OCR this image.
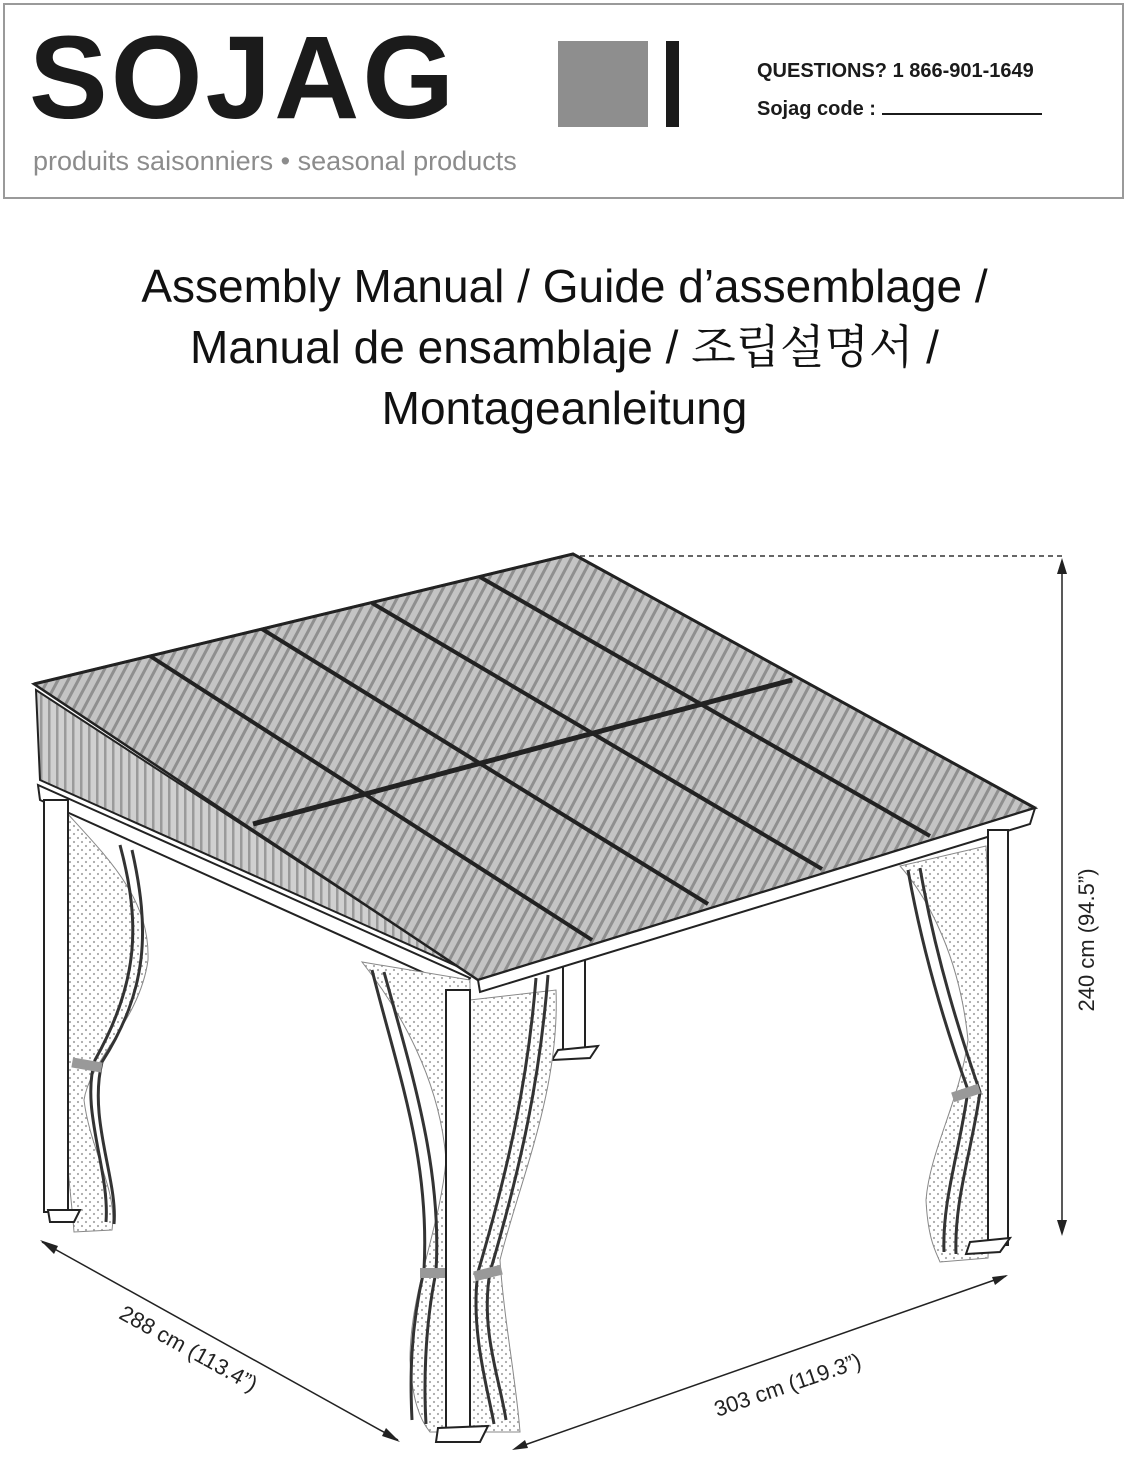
SOJAG
produits saisonniers • seasonal products
QUESTIONS? 1 866-901-1649
Sojag code :
Assembly Manual / Guide d’assemblage /
Manual de ensamblaje / 조립설명서 /
Montageanleitung
240 cm (94.5”)
288 cm (113.4”)	303 cm (119.3”)
